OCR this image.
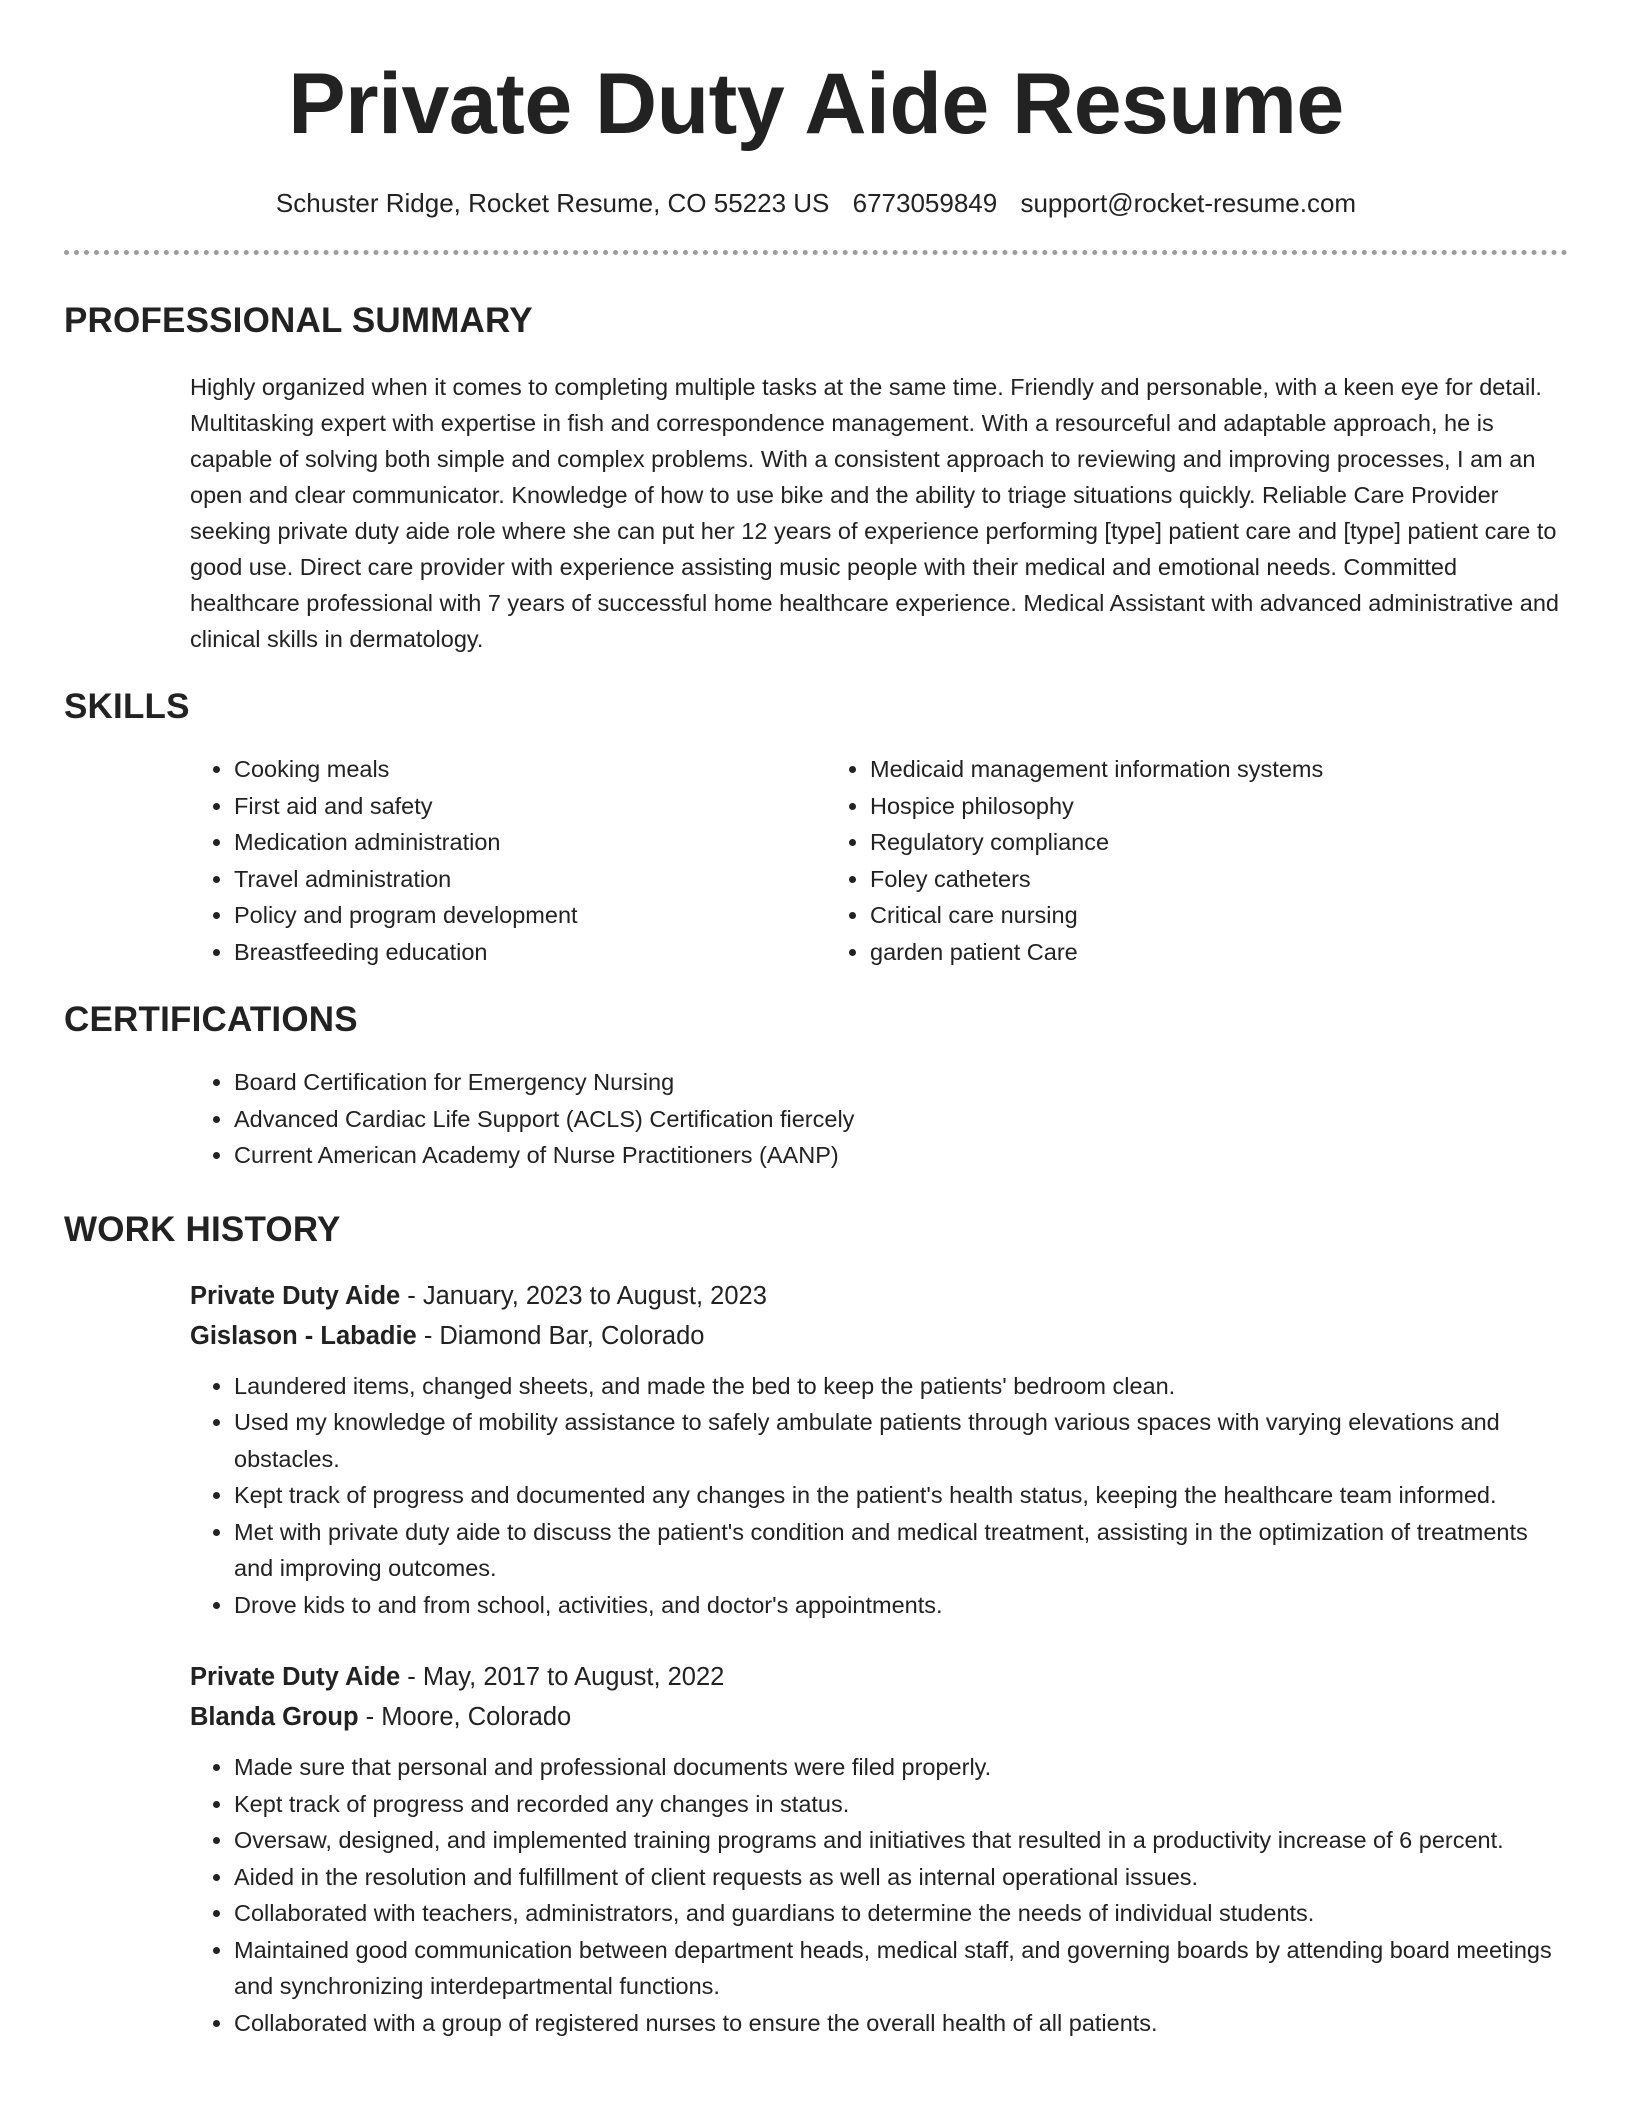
Private Duty Aide Resume
Schuster Ridge, Rocket Resume, CO 55223 US 6773059849 support@rocket-resume.com
PROFESSIONAL SUMMARY

Highly organized when it comes to completing multiple tasks at the same time. Friendly and personable, with a keen eye for detail. Multitasking expert with expertise in fish and correspondence management. With a resourceful and adaptable approach, he is capable of solving both simple and complex problems. With a consistent approach to reviewing and improving processes, I am an open and clear communicator. Knowledge of how to use bike and the ability to triage situations quickly. Reliable Care Provider seeking private duty aide role where she can put her 12 years of experience performing [type] patient care and [type] patient care to good use. Direct care provider with experience assisting music people with their medical and emotional needs. Committed healthcare professional with 7 years of successful home healthcare experience. Medical Assistant with advanced administrative and clinical skills in dermatology.

SKILLS
• Cooking meals
• First aid and safety
• Medication administration
• Travel administration
• Policy and program development
• Breastfeeding education
• Medicaid management information systems
• Hospice philosophy
• Regulatory compliance
• Foley catheters
• Critical care nursing
• garden patient Care
CERTIFICATIONS
• Board Certification for Emergency Nursing
• Advanced Cardiac Life Support (ACLS) Certification fiercely
• Current American Academy of Nurse Practitioners (AANP)
WORK HISTORY
Private Duty Aide - January, 2023 to August, 2023
Gislason - Labadie - Diamond Bar, Colorado
• Laundered items, changed sheets, and made the bed to keep the patients' bedroom clean.
• Used my knowledge of mobility assistance to safely ambulate patients through various spaces with varying elevations and obstacles.
• Kept track of progress and documented any changes in the patient's health status, keeping the healthcare team informed.
• Met with private duty aide to discuss the patient's condition and medical treatment, assisting in the optimization of treatments and improving outcomes.
• Drove kids to and from school, activities, and doctor's appointments.
Private Duty Aide - May, 2017 to August, 2022
Blanda Group - Moore, Colorado
• Made sure that personal and professional documents were filed properly.
• Kept track of progress and recorded any changes in status.
• Oversaw, designed, and implemented training programs and initiatives that resulted in a productivity increase of 6 percent.
• Aided in the resolution and fulfillment of client requests as well as internal operational issues.
• Collaborated with teachers, administrators, and guardians to determine the needs of individual students.
• Maintained good communication between department heads, medical staff, and governing boards by attending board meetings and synchronizing interdepartmental functions.
• Collaborated with a group of registered nurses to ensure the overall health of all patients.
